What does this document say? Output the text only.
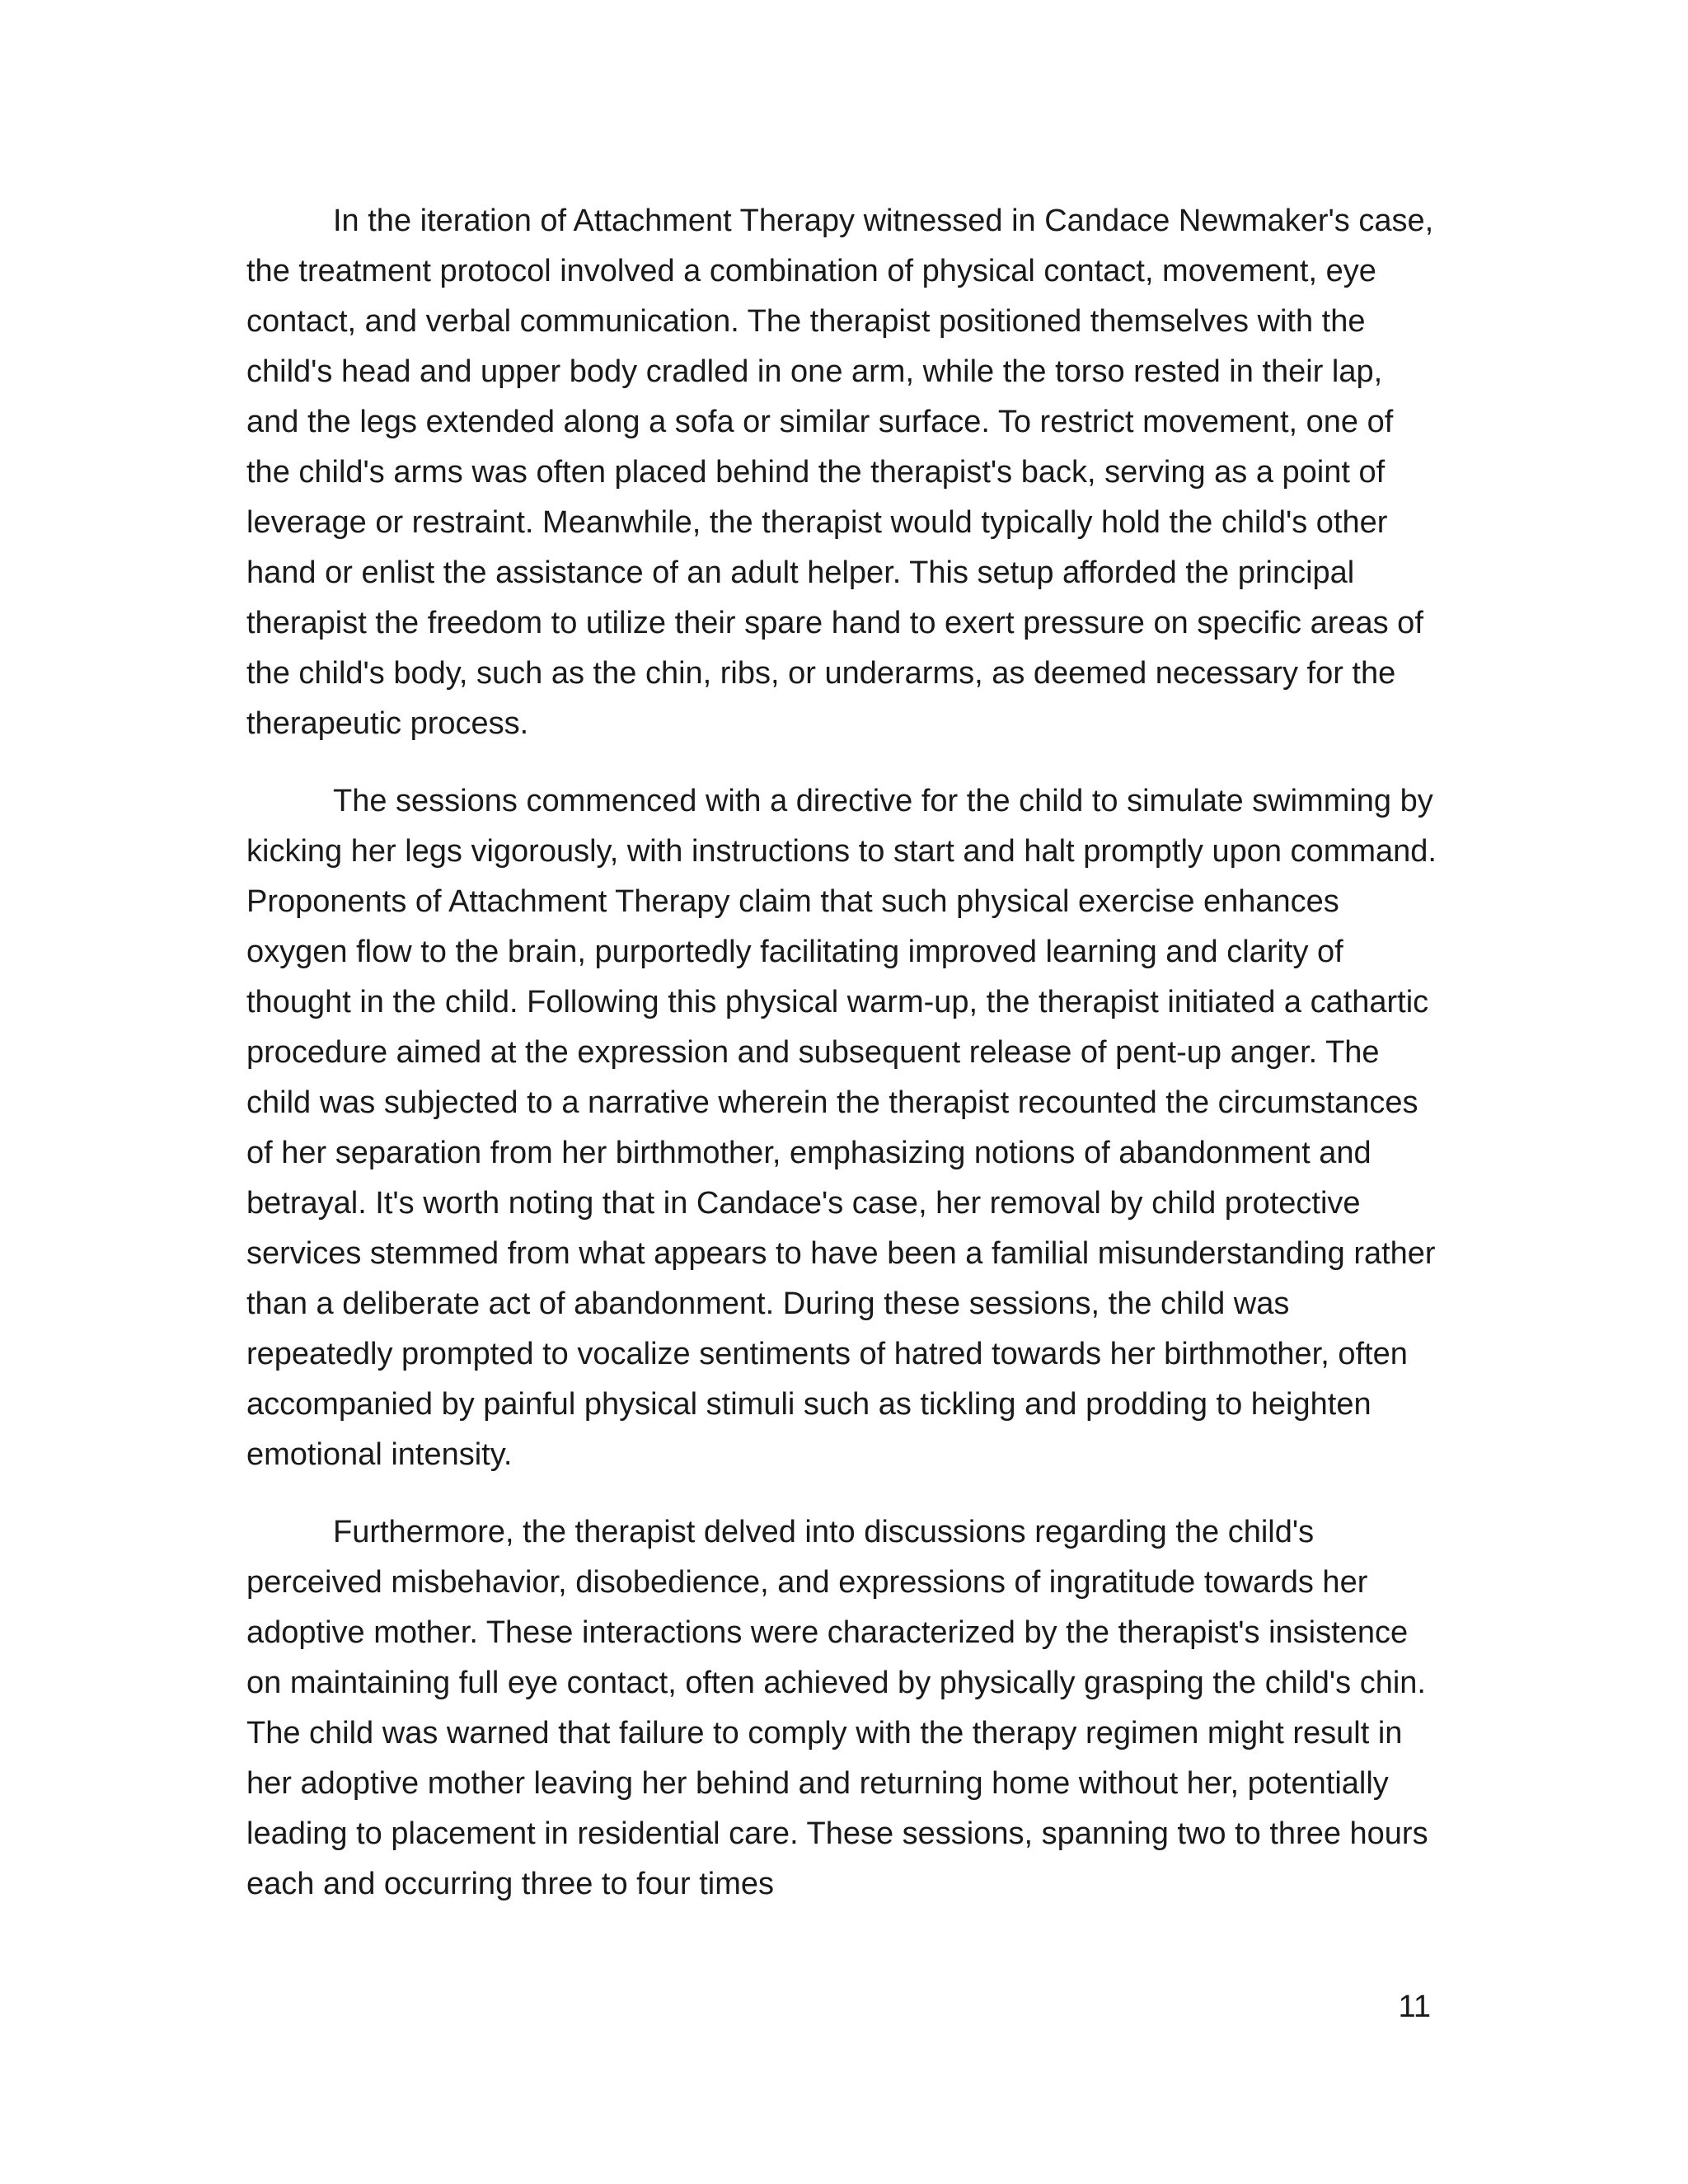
In the iteration of Attachment Therapy witnessed in Candace Newmaker's case, the treatment protocol involved a combination of physical contact, movement, eye contact, and verbal communication. The therapist positioned themselves with the child's head and upper body cradled in one arm, while the torso rested in their lap, and the legs extended along a sofa or similar surface. To restrict movement, one of the child's arms was often placed behind the therapist's back, serving as a point of leverage or restraint. Meanwhile, the therapist would typically hold the child's other hand or enlist the assistance of an adult helper. This setup afforded the principal therapist the freedom to utilize their spare hand to exert pressure on specific areas of the child's body, such as the chin, ribs, or underarms, as deemed necessary for the therapeutic process.

The sessions commenced with a directive for the child to simulate swimming by kicking her legs vigorously, with instructions to start and halt promptly upon command. Proponents of Attachment Therapy claim that such physical exercise enhances oxygen flow to the brain, purportedly facilitating improved learning and clarity of thought in the child. Following this physical warm-up, the therapist initiated a cathartic procedure aimed at the expression and subsequent release of pent-up anger. The child was subjected to a narrative wherein the therapist recounted the circumstances of her separation from her birthmother, emphasizing notions of abandonment and betrayal. It's worth noting that in Candace's case, her removal by child protective services stemmed from what appears to have been a familial misunderstanding rather than a deliberate act of abandonment. During these sessions, the child was repeatedly prompted to vocalize sentiments of hatred towards her birthmother, often accompanied by painful physical stimuli such as tickling and prodding to heighten emotional intensity.

Furthermore, the therapist delved into discussions regarding the child's perceived misbehavior, disobedience, and expressions of ingratitude towards her adoptive mother. These interactions were characterized by the therapist's insistence on maintaining full eye contact, often achieved by physically grasping the child's chin. The child was warned that failure to comply with the therapy regimen might result in her adoptive mother leaving her behind and returning home without her, potentially leading to placement in residential care. These sessions, spanning two to three hours each and occurring three to four times

11
